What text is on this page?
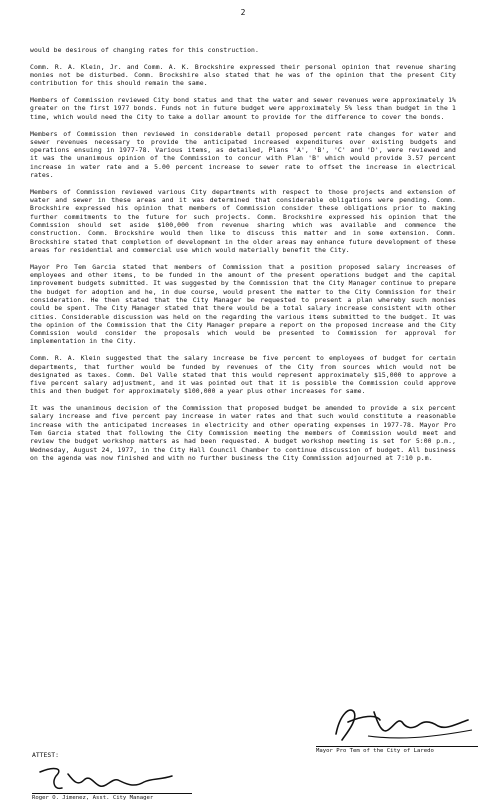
2

would be desirous of changing rates for this construction.

Comm. R. A. Klein, Jr. and Comm. A. K. Brockshire expressed their personal opinion that revenue sharing monies not be disturbed. Comm. Brockshire also stated that he was of the opinion that the present City contribution for this should remain the same.

Members of Commission reviewed City bond status and that the water and sewer revenues were approximately 1% greater on the first 1977 bonds. Funds not in future budget were approximately 5% less than budget in the 1 time, which would need the City to take a dollar amount to provide for the difference to cover the bonds.

Members of Commission then reviewed in considerable detail proposed percent rate changes for water and sewer revenues necessary to provide the anticipated increased expenditures over existing budgets and operations ensuing in 1977-78. Various items, as detailed, Plans 'A', 'B', 'C' and 'D', were reviewed and it was the unanimous opinion of the Commission to concur with Plan 'B' which would provide 3.57 percent increase in water rate and a 5.00 percent increase to sewer rate to offset the increase in electrical rates.

Members of Commission reviewed various City departments with respect to those projects and extension of water and sewer in these areas and it was determined that considerable obligations were pending. Comm. Brockshire expressed his opinion that members of Commission consider these obligations prior to making further commitments to the future for such projects. Comm. Brockshire expressed his opinion that the Commission should set aside $100,000 from revenue sharing which was available and commence the construction. Comm. Brockshire would then like to discuss this matter and in some extension. Comm. Brockshire stated that completion of development in the older areas may enhance future development of these areas for residential and commercial use which would materially benefit the City.

Mayor Pro Tem Garcia stated that members of Commission that a position proposed salary increases of employees and other items, to be funded in the amount of the present operations budget and the capital improvement budgets submitted. It was suggested by the Commission that the City Manager continue to prepare the budget for adoption and he, in due course, would present the matter to the City Commission for their consideration. He then stated that the City Manager be requested to present a plan whereby such monies could be spent. The City Manager stated that there would be a total salary increase consistent with other cities. Considerable discussion was held on the regarding the various items submitted to the budget. It was the opinion of the Commission that the City Manager prepare a report on the proposed increase and the City Commission would consider the proposals which would be presented to Commission for approval for implementation in the City.

Comm. R. A. Klein suggested that the salary increase be five percent to employees of budget for certain departments, that further would be funded by revenues of the City from sources which would not be designated as taxes. Comm. Del Valle stated that this would represent approximately $15,000 to approve a five percent salary adjustment, and it was pointed out that it is possible the Commission could approve this and then budget for approximately $100,000 a year plus other increases for same.

It was the unanimous decision of the Commission that proposed budget be amended to provide a six percent salary increase and five percent pay increase in water rates and that such would constitute a reasonable increase with the anticipated increases in electricity and other operating expenses in 1977-78. Mayor Pro Tem Garcia stated that following the City Commission meeting the members of Commission would meet and review the budget workshop matters as had been requested. A budget workshop meeting is set for 5:00 p.m., Wednesday, August 24, 1977, in the City Hall Council Chamber to continue discussion of budget. All business on the agenda was now finished and with no further business the City Commission adjourned at 7:10 p.m.

Mayor Pro Tem of the City of Laredo
ATTEST:
Roger O. Jimenez, Asst. City Manager
